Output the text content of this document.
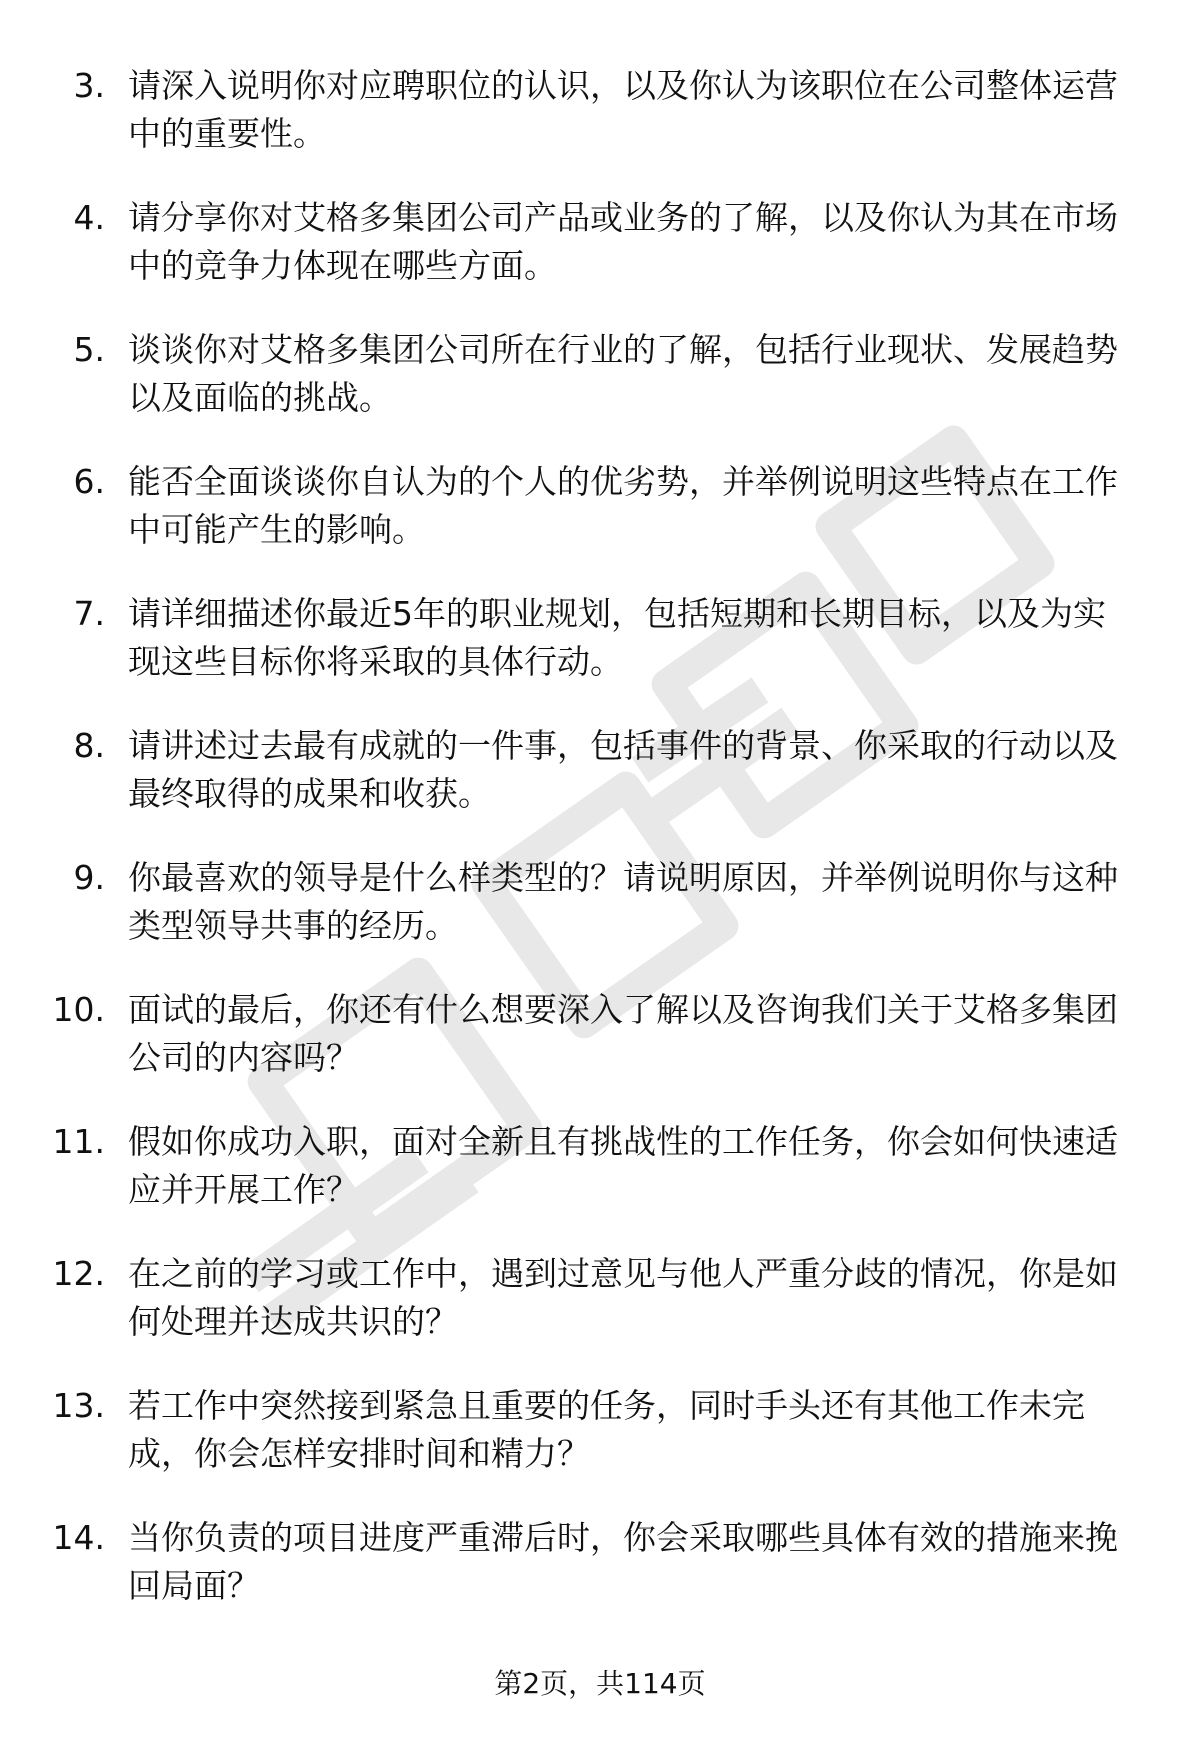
3. 请深入说明你对应聘职位的认识，以及你认为该职位在公司整体运营中的重要性。
4. 请分享你对艾格多集团公司产品或业务的了解，以及你认为其在市场中的竞争力体现在哪些方面。
5. 谈谈你对艾格多集团公司所在行业的了解，包括行业现状、发展趋势以及面临的挑战。
6. 能否全面谈谈你自认为的个人的优劣势，并举例说明这些特点在工作中可能产生的影响。
7. 请详细描述你最近5年的职业规划，包括短期和长期目标，以及为实现这些目标你将采取的具体行动。
8. 请讲述过去最有成就的一件事，包括事件的背景、你采取的行动以及最终取得的成果和收获。
9. 你最喜欢的领导是什么样类型的？请说明原因，并举例说明你与这种类型领导共事的经历。
10. 面试的最后，你还有什么想要深入了解以及咨询我们关于艾格多集团公司的内容吗？
11. 假如你成功入职，面对全新且有挑战性的工作任务，你会如何快速适应并开展工作？
12. 在之前的学习或工作中，遇到过意见与他人严重分歧的情况，你是如何处理并达成共识的？
13. 若工作中突然接到紧急且重要的任务，同时手头还有其他工作未完成，你会怎样安排时间和精力？
14. 当你负责的项目进度严重滞后时，你会采取哪些具体有效的措施来挽回局面？
第2页，共114页
